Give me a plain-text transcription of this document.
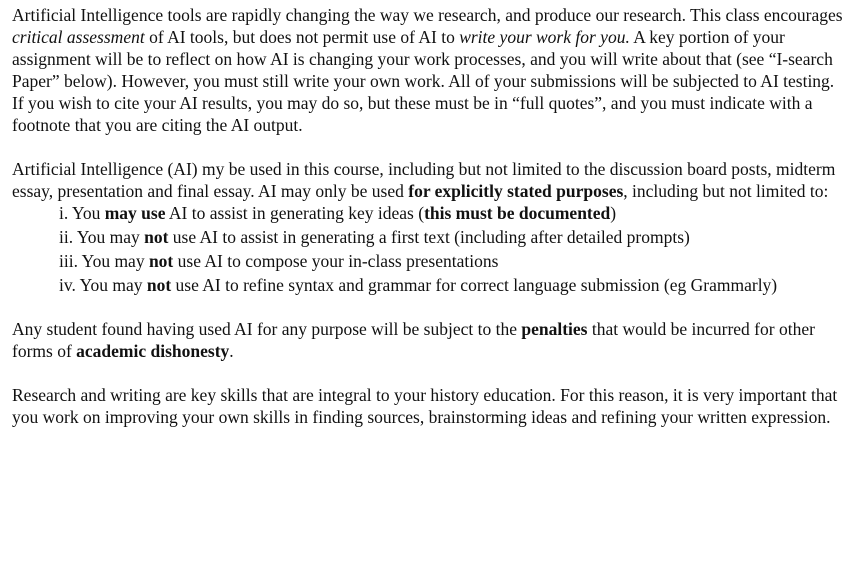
Artificial Intelligence tools are rapidly changing the way we research, and produce our research. This class encourages critical assessment of AI tools, but does not permit use of AI to write your work for you. A key portion of your assignment will be to reflect on how AI is changing your work processes, and you will write about that (see “I-search Paper” below). However, you must still write your own work. All of your submissions will be subjected to AI testing. If you wish to cite your AI results, you may do so, but these must be in “full quotes”, and you must indicate with a footnote that you are citing the AI output.

Artificial Intelligence (AI) my be used in this course, including but not limited to the discussion board posts, midterm essay, presentation and final essay. AI may only be used for explicitly stated purposes, including but not limited to:

i. You may use AI to assist in generating key ideas (this must be documented)
ii. You may not use AI to assist in generating a first text (including after detailed prompts)
iii. You may not use AI to compose your in-class presentations
iv. You may not use AI to refine syntax and grammar for correct language submission (eg Grammarly)

Any student found having used AI for any purpose will be subject to the penalties that would be incurred for other forms of academic dishonesty.

Research and writing are key skills that are integral to your history education. For this reason, it is very important that you work on improving your own skills in finding sources, brainstorming ideas and refining your written expression.
